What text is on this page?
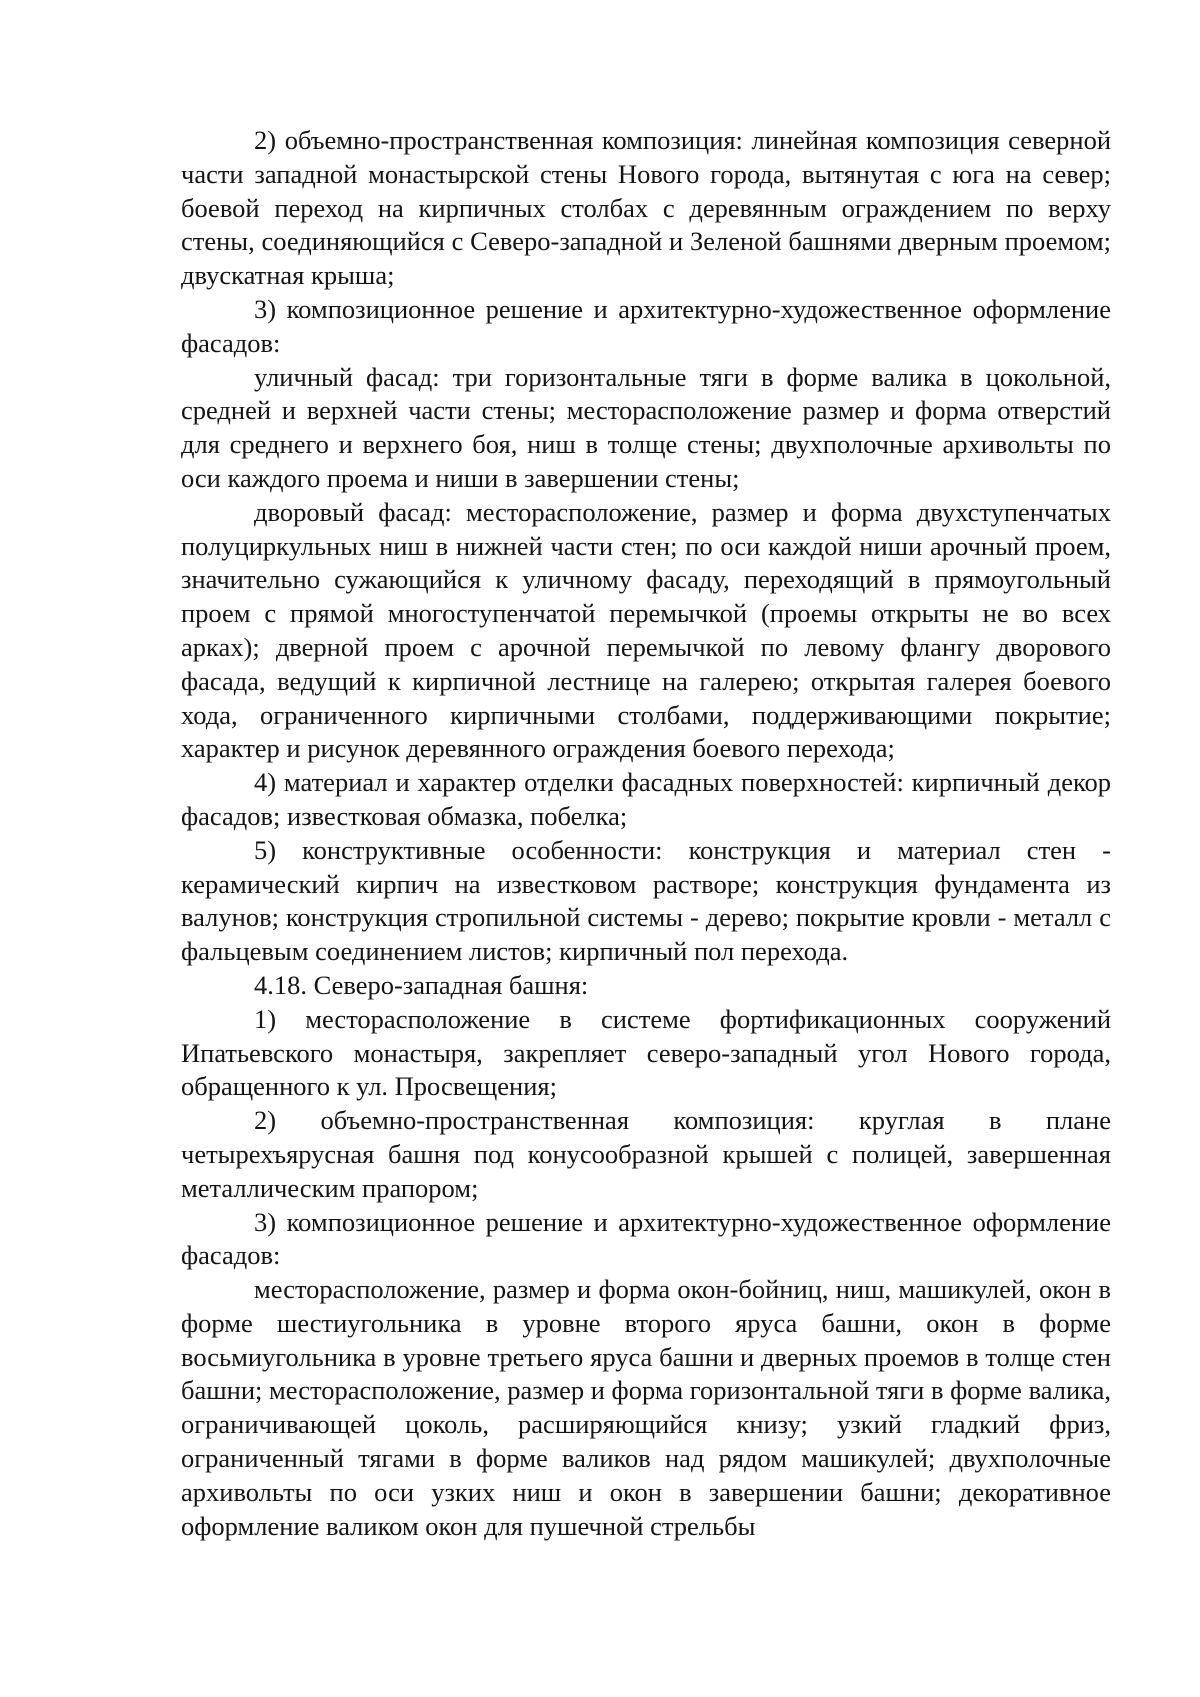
2) объемно-пространственная композиция: линейная композиция северной части западной монастырской стены Нового города, вытянутая с юга на север; боевой переход на кирпичных столбах с деревянным ограждением по верху стены, соединяющийся с Северо-западной и Зеленой башнями дверным проемом; двускатная крыша;

3) композиционное решение и архитектурно-художественное оформление фасадов:

уличный фасад: три горизонтальные тяги в форме валика в цокольной, средней и верхней части стены; месторасположение размер и форма отверстий для среднего и верхнего боя, ниш в толще стены; двухполочные архивольты по оси каждого проема и ниши в завершении стены;

дворовый фасад: месторасположение, размер и форма двухступенчатых полуциркульных ниш в нижней части стен; по оси каждой ниши арочный проем, значительно сужающийся к уличному фасаду, переходящий в прямоугольный проем с прямой многоступенчатой перемычкой (проемы открыты не во всех арках); дверной проем с арочной перемычкой по левому флангу дворового фасада, ведущий к кирпичной лестнице на галерею; открытая галерея боевого хода, ограниченного кирпичными столбами, поддерживающими покрытие; характер и рисунок деревянного ограждения боевого перехода;

4) материал и характер отделки фасадных поверхностей: кирпичный декор фасадов; известковая обмазка, побелка;

5) конструктивные особенности: конструкция и материал стен - керамический кирпич на известковом растворе; конструкция фундамента из валунов; конструкция стропильной системы - дерево; покрытие кровли - металл с фальцевым соединением листов; кирпичный пол перехода.

4.18. Северо-западная башня:

1) месторасположение в системе фортификационных сооружений Ипатьевского монастыря, закрепляет северо-западный угол Нового города, обращенного к ул. Просвещения;

2) объемно-пространственная композиция: круглая в плане четырехъярусная башня под конусообразной крышей с полицей, завершенная металлическим прапором;

3) композиционное решение и архитектурно-художественное оформление фасадов:

месторасположение, размер и форма окон-бойниц, ниш, машикулей, окон в форме шестиугольника в уровне второго яруса башни, окон в форме восьмиугольника в уровне третьего яруса башни и дверных проемов в толще стен башни; месторасположение, размер и форма горизонтальной тяги в форме валика, ограничивающей цоколь, расширяющийся книзу; узкий гладкий фриз, ограниченный тягами в форме валиков над рядом машикулей; двухполочные архивольты по оси узких ниш и окон в завершении башни; декоративное оформление валиком окон для пушечной стрельбы
